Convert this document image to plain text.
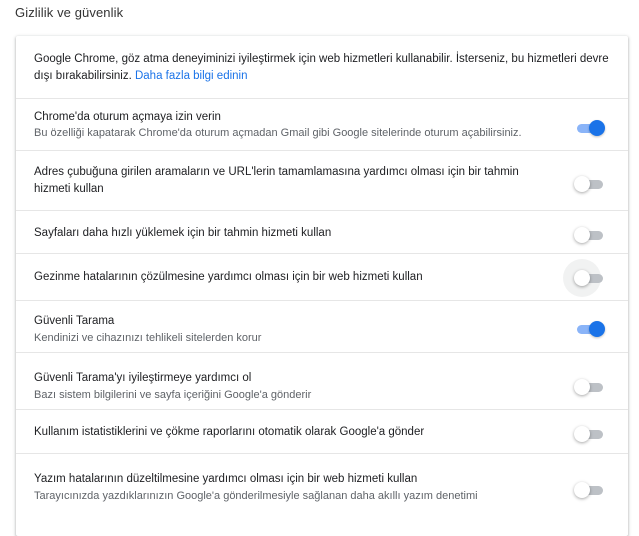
Gizlilik ve güvenlik
Google Chrome, göz atma deneyiminizi iyileştirmek için web hizmetleri kullanabilir. İsterseniz, bu hizmetleri devre dışı bırakabilirsiniz. Daha fazla bilgi edinin
Chrome'da oturum açmaya izin verin
Bu özelliği kapatarak Chrome'da oturum açmadan Gmail gibi Google sitelerinde oturum açabilirsiniz.
Adres çubuğuna girilen aramaların ve URL'lerin tamamlamasına yardımcı olması için bir tahmin hizmeti kullan
Sayfaları daha hızlı yüklemek için bir tahmin hizmeti kullan
Gezinme hatalarının çözülmesine yardımcı olması için bir web hizmeti kullan
Güvenli Tarama
Kendinizi ve cihazınızı tehlikeli sitelerden korur
Güvenli Tarama'yı iyileştirmeye yardımcı ol
Bazı sistem bilgilerini ve sayfa içeriğini Google'a gönderir
Kullanım istatistiklerini ve çökme raporlarını otomatik olarak Google'a gönder
Yazım hatalarının düzeltilmesine yardımcı olması için bir web hizmeti kullan
Tarayıcınızda yazdıklarınızın Google'a gönderilmesiyle sağlanan daha akıllı yazım denetimi
